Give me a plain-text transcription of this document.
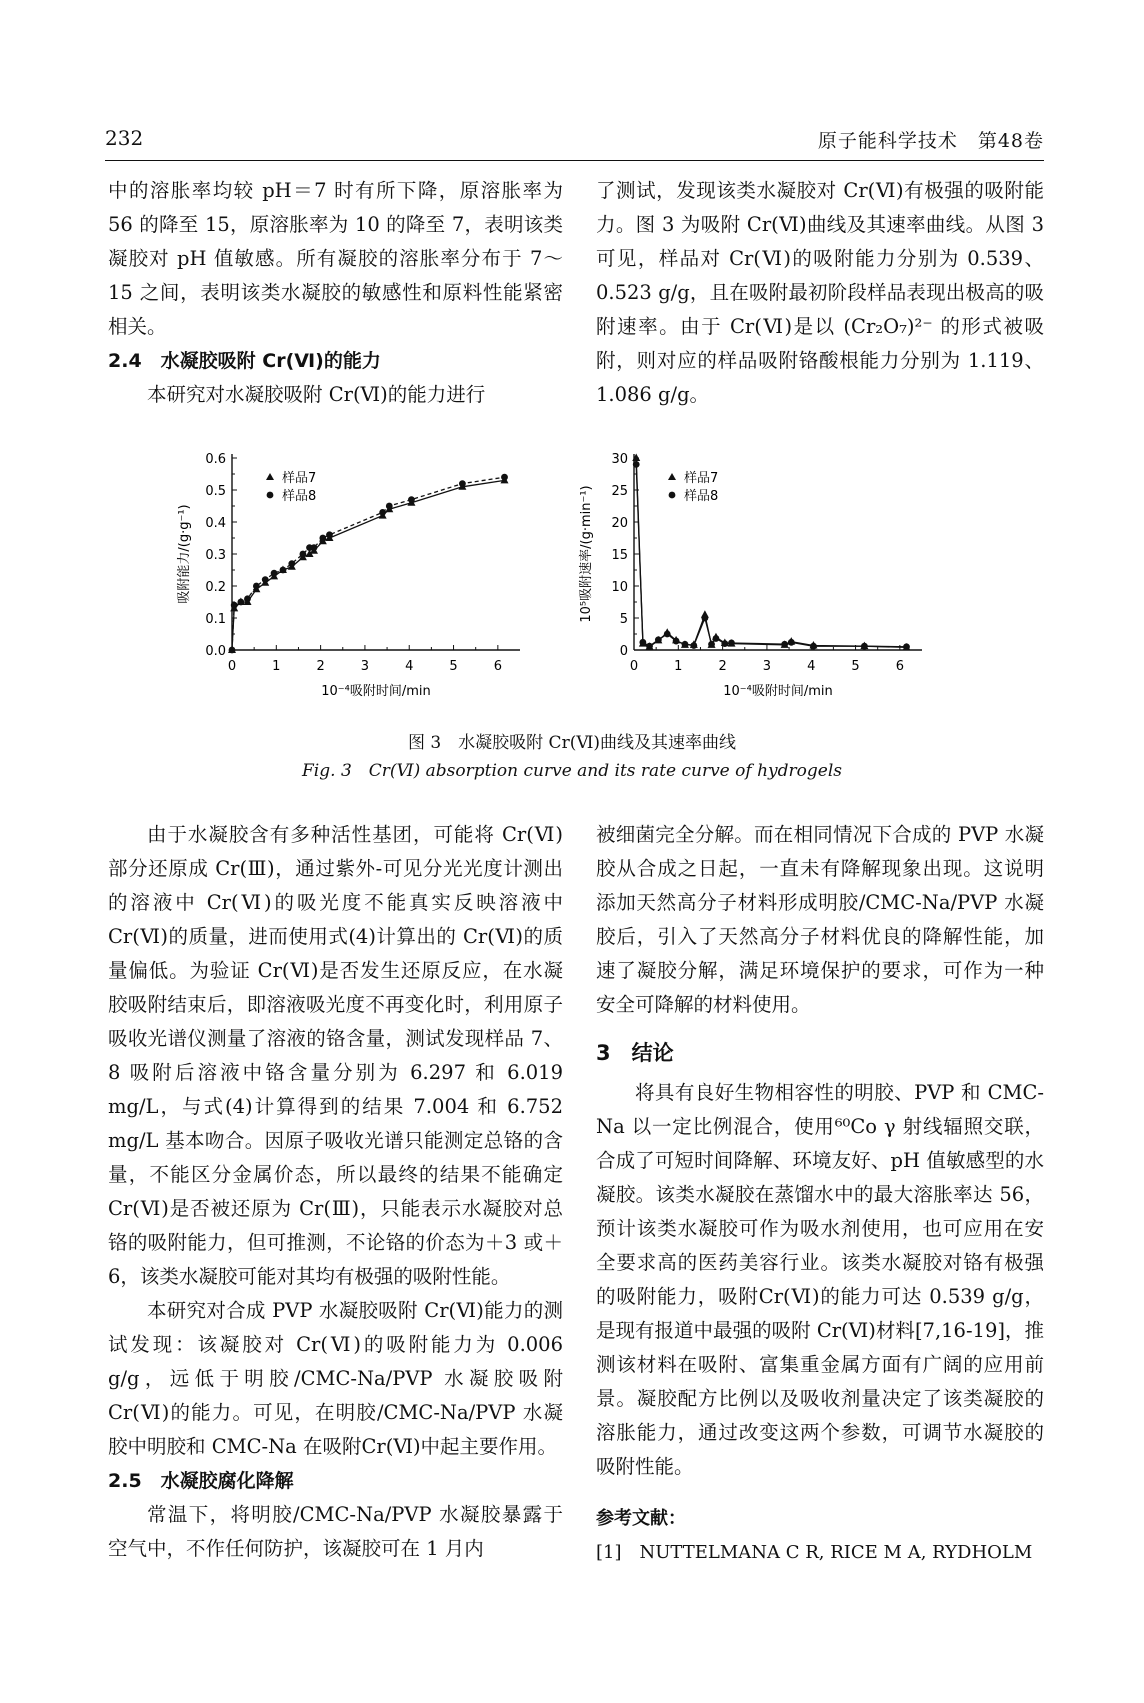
232	原子能科学技术　第48卷

中的溶胀率均较 pH＝7 时有所下降，原溶胀率为 56 的降至 15，原溶胀率为 10 的降至 7，表明该类凝胶对 pH 值敏感。所有凝胶的溶胀率分布于 7～15 之间，表明该类水凝胶的敏感性和原料性能紧密相关。

2.4　水凝胶吸附 Cr(Ⅵ)的能力

本研究对水凝胶吸附 Cr(Ⅵ)的能力进行

了测试，发现该类水凝胶对 Cr(Ⅵ)有极强的吸附能力。图 3 为吸附 Cr(Ⅵ)曲线及其速率曲线。从图 3 可见，样品对 Cr(Ⅵ)的吸附能力分别为 0.539、0.523 g/g，且在吸附最初阶段样品表现出极高的吸附速率。由于 Cr(Ⅵ)是以 (Cr₂O₇)²⁻ 的形式被吸附，则对应的样品吸附铬酸根能力分别为 1.119、1.086 g/g。

0.0
0.1
0.2
0.3
0.4
0.5
0.6
0	1	2	3	4	5	6
10⁻⁴吸附时间/min
吸附能力/(g·g⁻¹)
样品7
样品8
0
5
10
15
20
25
30
0	1	2	3	4	5	6
10⁻⁴吸附时间/min
10⁵吸附速率/(g·min⁻¹)
样品7
样品8
图 3　水凝胶吸附 Cr(Ⅵ)曲线及其速率曲线
Fig. 3　Cr(Ⅵ) absorption curve and its rate curve of hydrogels

由于水凝胶含有多种活性基团，可能将 Cr(Ⅵ)部分还原成 Cr(Ⅲ)，通过紫外-可见分光光度计测出的溶液中 Cr(Ⅵ)的吸光度不能真实反映溶液中 Cr(Ⅵ)的质量，进而使用式(4)计算出的 Cr(Ⅵ)的质量偏低。为验证 Cr(Ⅵ)是否发生还原反应，在水凝胶吸附结束后，即溶液吸光度不再变化时，利用原子吸收光谱仪测量了溶液的铬含量，测试发现样品 7、8 吸附后溶液中铬含量分别为 6.297 和 6.019 mg/L，与式(4)计算得到的结果 7.004 和 6.752 mg/L 基本吻合。因原子吸收光谱只能测定总铬的含量，不能区分金属价态，所以最终的结果不能确定Cr(Ⅵ)是否被还原为 Cr(Ⅲ)，只能表示水凝胶对总铬的吸附能力，但可推测，不论铬的价态为＋3 或＋6，该类水凝胶可能对其均有极强的吸附性能。

本研究对合成 PVP 水凝胶吸附 Cr(Ⅵ)能力的测试发现：该凝胶对 Cr(Ⅵ)的吸附能力为 0.006 g/g，远低于明胶/CMC-Na/PVP 水凝胶吸附 Cr(Ⅵ)的能力。可见，在明胶/CMC-Na/PVP 水凝胶中明胶和 CMC-Na 在吸附Cr(Ⅵ)中起主要作用。

2.5　水凝胶腐化降解

常温下，将明胶/CMC-Na/PVP 水凝胶暴露于空气中，不作任何防护，该凝胶可在 1 月内

被细菌完全分解。而在相同情况下合成的 PVP 水凝胶从合成之日起，一直未有降解现象出现。这说明添加天然高分子材料形成明胶/CMC-Na/PVP 水凝胶后，引入了天然高分子材料优良的降解性能，加速了凝胶分解，满足环境保护的要求，可作为一种安全可降解的材料使用。

3　结论

将具有良好生物相容性的明胶、PVP 和 CMC-Na 以一定比例混合，使用⁶⁰Co γ 射线辐照交联，合成了可短时间降解、环境友好、pH 值敏感型的水凝胶。该类水凝胶在蒸馏水中的最大溶胀率达 56，预计该类水凝胶可作为吸水剂使用，也可应用在安全要求高的医药美容行业。该类水凝胶对铬有极强的吸附能力，吸附Cr(Ⅵ)的能力可达 0.539 g/g，是现有报道中最强的吸附 Cr(Ⅵ)材料[7,16-19]，推测该材料在吸附、富集重金属方面有广阔的应用前景。凝胶配方比例以及吸收剂量决定了该类凝胶的溶胀能力，通过改变这两个参数，可调节水凝胶的吸附性能。

参考文献：

[1]　NUTTELMANA C R, RICE M A, RYDHOLM
